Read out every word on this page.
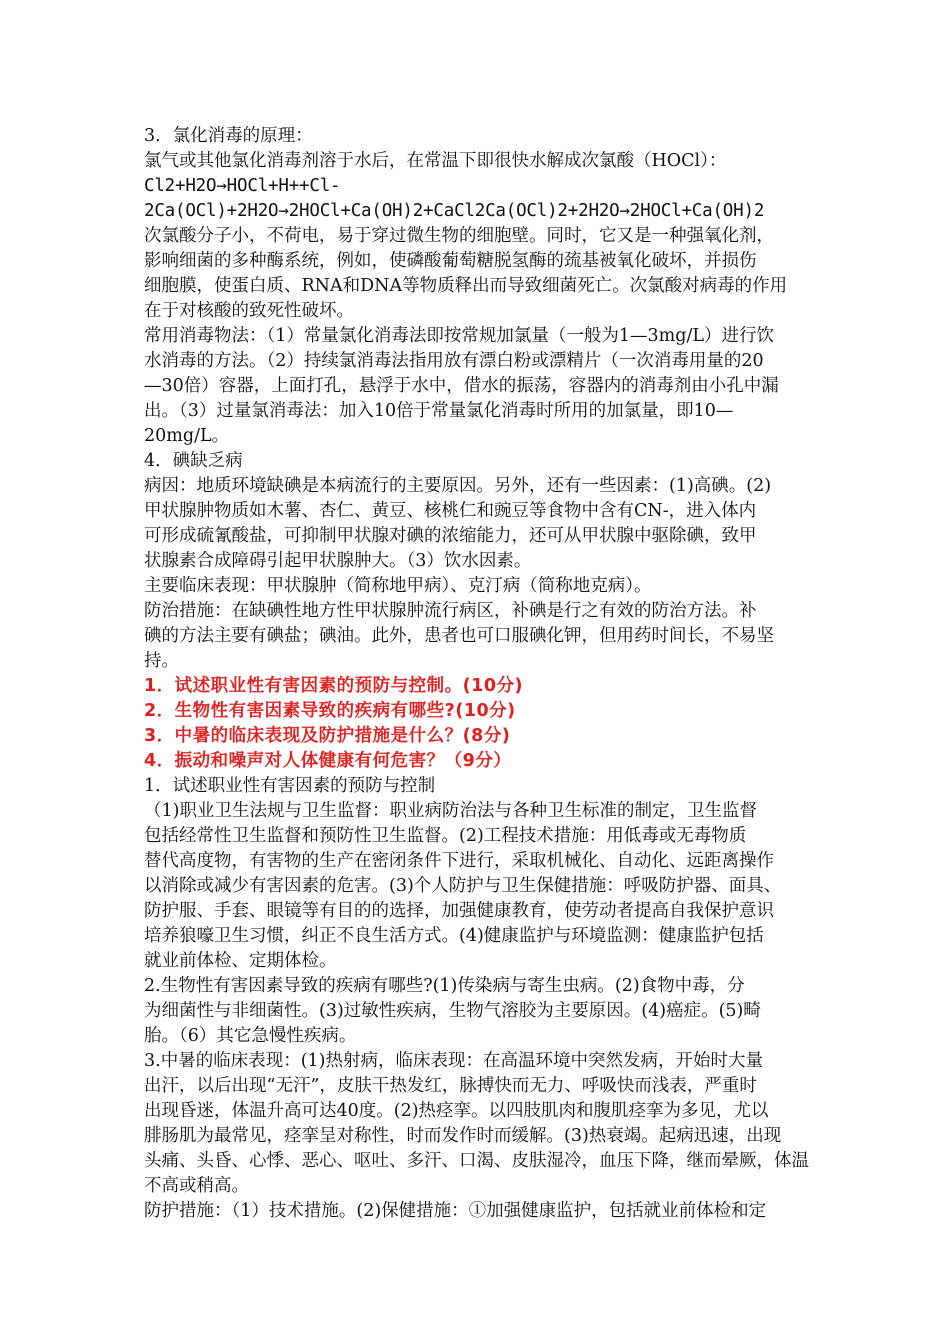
3．氯化消毒的原理：
氯气或其他氯化消毒剂溶于水后，在常温下即很快水解成次氯酸（HOCl）：
Cl2+H2O→HOCl+H++Cl-
2Ca(OCl)+2H2O→2HOCl+Ca(OH)2+CaCl2Ca(OCl)2+2H2O→2HOCl+Ca(OH)2
次氯酸分子小，不荷电，易于穿过微生物的细胞壁。同时，它又是一种强氧化剂，
影响细菌的多种酶系统，例如，使磷酸葡萄糖脱氢酶的巯基被氧化破坏，并损伤
细胞膜，使蛋白质、RNA和DNA等物质释出而导致细菌死亡。次氯酸对病毒的作用
在于对核酸的致死性破坏。
常用消毒物法：（1）常量氯化消毒法即按常规加氯量（一般为1—3mg/L）进行饮
水消毒的方法。（2）持续氯消毒法指用放有漂白粉或漂精片（一次消毒用量的20
—30倍）容器，上面打孔，悬浮于水中，借水的振荡，容器内的消毒剂由小孔中漏
出。（3）过量氯消毒法：加入10倍于常量氯化消毒时所用的加氯量，即10—
20mg/L。
4．碘缺乏病
病因：地质环境缺碘是本病流行的主要原因。另外，还有一些因素：(1)高碘。(2)
甲状腺肿物质如木薯、杏仁、黄豆、核桃仁和豌豆等食物中含有CN-，进入体内
可形成硫氰酸盐，可抑制甲状腺对碘的浓缩能力，还可从甲状腺中驱除碘，致甲
状腺素合成障碍引起甲状腺肿大。（3）饮水因素。
主要临床表现：甲状腺肿（简称地甲病）、克汀病（简称地克病）。
防治措施：在缺碘性地方性甲状腺肿流行病区，补碘是行之有效的防治方法。补
碘的方法主要有碘盐；碘油。此外，患者也可口服碘化钾，但用药时间长，不易坚
持。
1．试述职业性有害因素的预防与控制。(10分)
2．生物性有害因素导致的疾病有哪些?(10分)
3．中暑的临床表现及防护措施是什么？(8分)
4．振动和噪声对人体健康有何危害？（9分）
1．试述职业性有害因素的预防与控制
（1)职业卫生法规与卫生监督：职业病防治法与各种卫生标准的制定，卫生监督
包括经常性卫生监督和预防性卫生监督。(2)工程技术措施：用低毒或无毒物质
替代高度物，有害物的生产在密闭条件下进行，采取机械化、自动化、远距离操作
以消除或减少有害因素的危害。(3)个人防护与卫生保健措施：呼吸防护器、面具、
防护服、手套、眼镜等有目的的选择，加强健康教育，使劳动者提高自我保护意识
培养狼嚎卫生习惯，纠正不良生活方式。(4)健康监护与环境监测：健康监护包括
就业前体检、定期体检。
2.生物性有害因素导致的疾病有哪些?(1)传染病与寄生虫病。(2)食物中毒，分
为细菌性与非细菌性。(3)过敏性疾病，生物气溶胶为主要原因。(4)癌症。(5)畸
胎。（6）其它急慢性疾病。
3.中暑的临床表现：(1)热射病，临床表现：在高温环境中突然发病，开始时大量
出汗，以后出现“无汗”，皮肤干热发红，脉搏快而无力、呼吸快而浅表，严重时
出现昏迷，体温升高可达40度。(2)热痉挛。以四肢肌肉和腹肌痉挛为多见，尤以
腓肠肌为最常见，痉挛呈对称性，时而发作时而缓解。(3)热衰竭。起病迅速，出现
头痛、头昏、心悸、恶心、呕吐、多汗、口渴、皮肤湿冷，血压下降，继而晕厥，体温
不高或稍高。
防护措施：（1）技术措施。(2)保健措施：①加强健康监护，包括就业前体检和定
